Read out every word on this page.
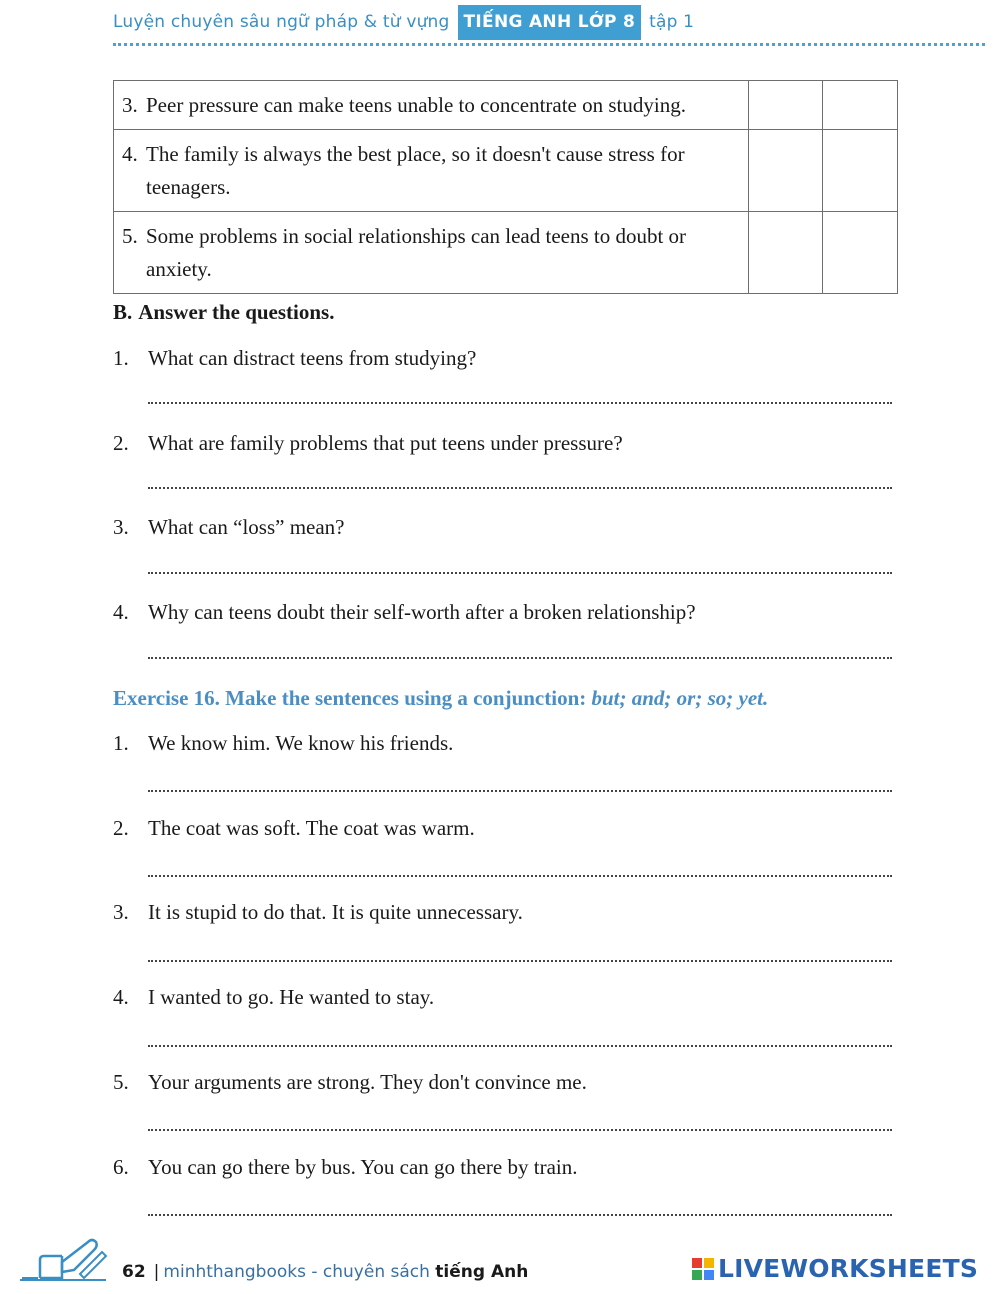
Luyện chuyên sâu ngữ pháp & từ vựng TIẾNG ANH LỚP 8 tập 1
3. Peer pressure can make teens unable to concentrate on studying.		
4. The family is always the best place, so it doesn't cause stress for teenagers.		
5. Some problems in social relationships can lead teens to doubt or anxiety.		
B. Answer the questions.
1. What can distract teens from studying?
2. What are family problems that put teens under pressure?
3. What can “loss” mean?
4. Why can teens doubt their self-worth after a broken relationship?
Exercise 16. Make the sentences using a conjunction: but; and; or; so; yet.
1. We know him. We know his friends.
2. The coat was soft. The coat was warm.
3. It is stupid to do that. It is quite unnecessary.
4. I wanted to go. He wanted to stay.
5. Your arguments are strong. They don't convince me.
6. You can go there by bus. You can go there by train.
62 | minhthangbooks - chuyên sách tiếng Anh	LIVEWORKSHEETS
